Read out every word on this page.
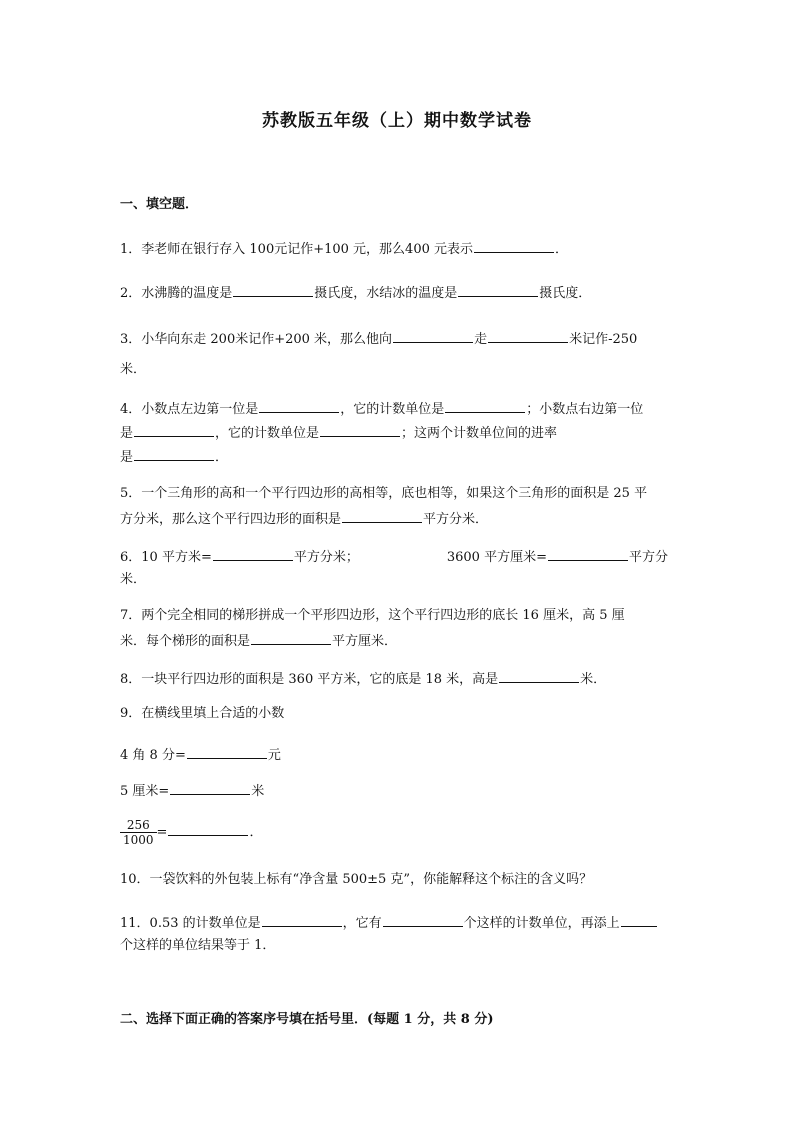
苏教版五年级（上）期中数学试卷
一、填空题．
1．李老师在银行存入 100元记作+100 元，那么400 元表示	．
2．水沸腾的温度是	摄氏度，水结冰的温度是	摄氏度．
3．小华向东走 200米记作+200 米，那么他向	走	米记作-250
米．
4．小数点左边第一位是	，它的计数单位是	；小数点右边第一位
是	，它的计数单位是	；这两个计数单位间的进率
是	．
5．一个三角形的高和一个平行四边形的高相等，底也相等，如果这个三角形的面积是 25 平
方分米，那么这个平行四边形的面积是	平方分米．
6．10 平方米=	平方分米；	3600 平方厘米=	平方分
米．
7．两个完全相同的梯形拼成一个平形四边形，这个平行四边形的底长 16 厘米，高 5 厘
米．每个梯形的面积是	平方厘米．
8．一块平行四边形的面积是 360 平方米，它的底是 18 米，高是	米．
9．在横线里填上合适的小数
4 角 8 分=	元
5 厘米=	米
$\frac{256}{1000}$ =	．
10．一袋饮料的外包装上标有“净含量 500±5 克”，你能解释这个标注的含义吗？
11．0.53 的计数单位是	，它有	个这样的计数单位，再添上
个这样的单位结果等于 1．
二、选择下面正确的答案序号填在括号里．(每题 1 分，共 8 分)
